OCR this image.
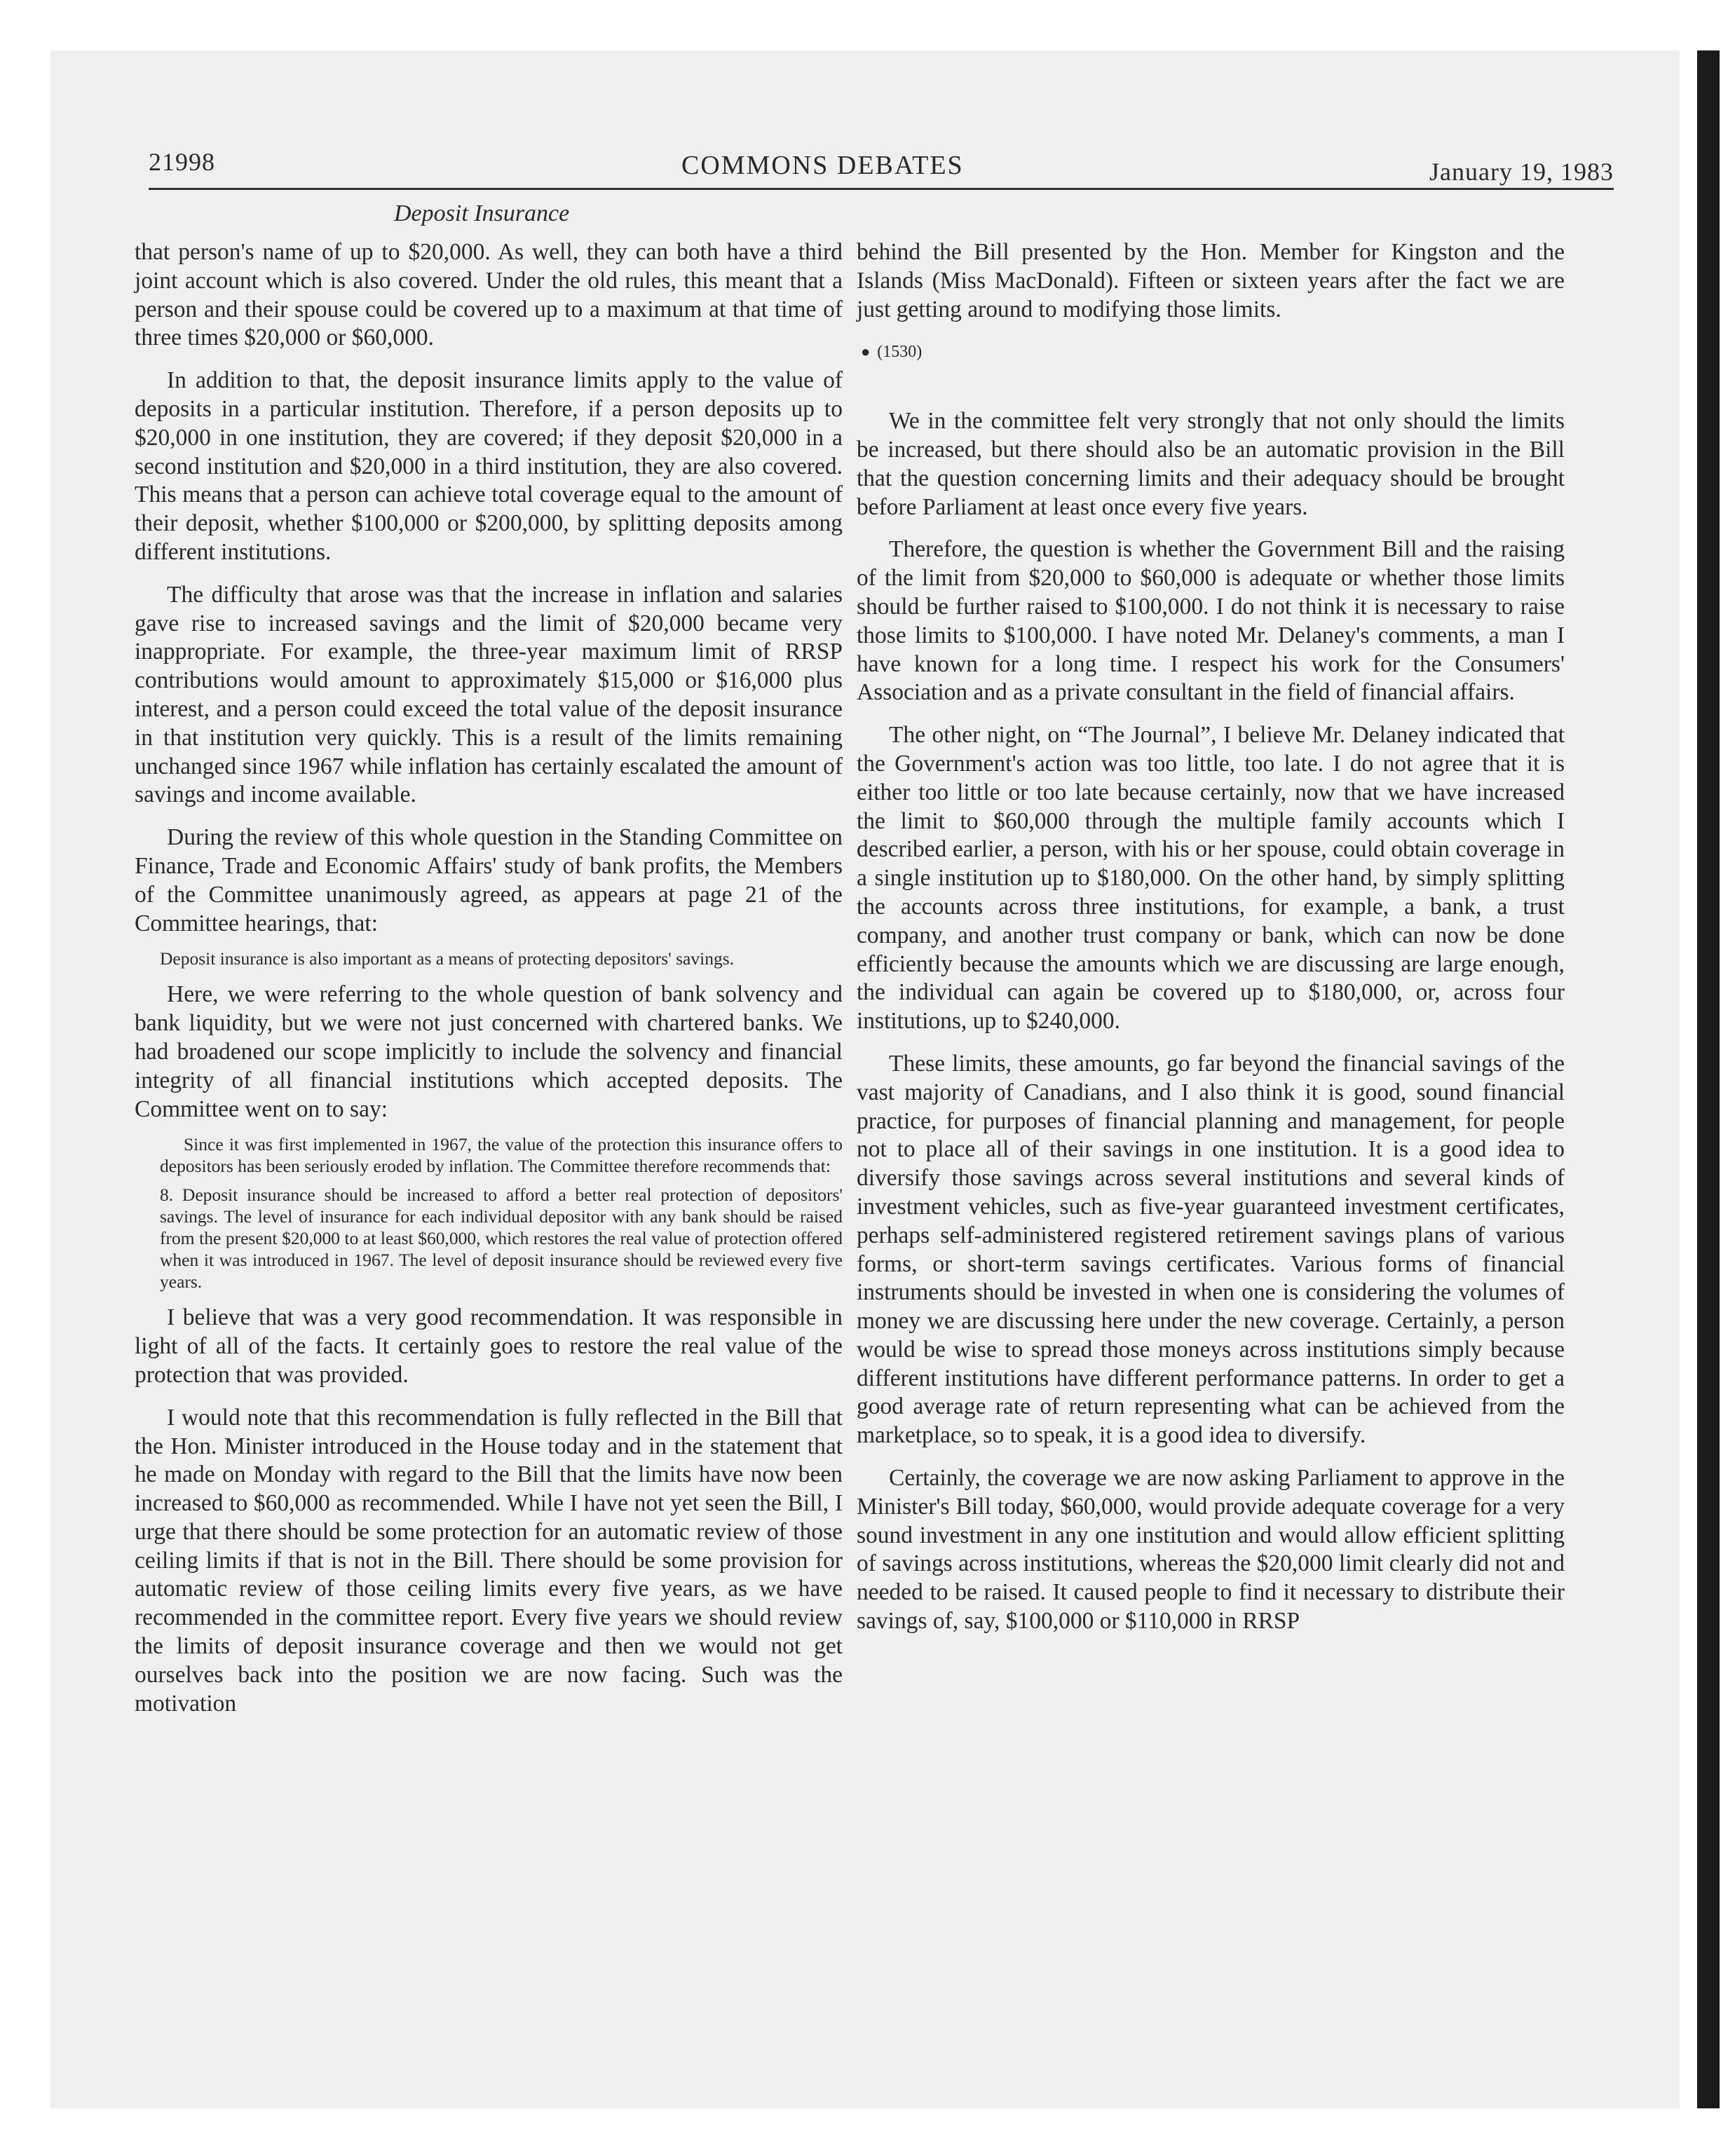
21998	COMMONS DEBATES	January 19, 1983
Deposit Insurance

that person's name of up to $20,000. As well, they can both have a third joint account which is also covered. Under the old rules, this meant that a person and their spouse could be covered up to a maximum at that time of three times $20,000 or $60,000.

In addition to that, the deposit insurance limits apply to the value of deposits in a particular institution. Therefore, if a person deposits up to $20,000 in one institution, they are covered; if they deposit $20,000 in a second institution and $20,000 in a third institution, they are also covered. This means that a person can achieve total coverage equal to the amount of their deposit, whether $100,000 or $200,000, by splitting deposits among different institutions.

The difficulty that arose was that the increase in inflation and salaries gave rise to increased savings and the limit of $20,000 became very inappropriate. For example, the three-year maximum limit of RRSP contributions would amount to approximately $15,000 or $16,000 plus interest, and a person could exceed the total value of the deposit insurance in that institution very quickly. This is a result of the limits remaining unchanged since 1967 while inflation has certainly escalated the amount of savings and income available.

During the review of this whole question in the Standing Committee on Finance, Trade and Economic Affairs' study of bank profits, the Members of the Committee unanimously agreed, as appears at page 21 of the Committee hearings, that:

Deposit insurance is also important as a means of protecting depositors' savings.

Here, we were referring to the whole question of bank solvency and bank liquidity, but we were not just concerned with chartered banks. We had broadened our scope implicitly to include the solvency and financial integrity of all financial institutions which accepted deposits. The Committee went on to say:

Since it was first implemented in 1967, the value of the protection this insurance offers to depositors has been seriously eroded by inflation. The Committee therefore recommends that:

8. Deposit insurance should be increased to afford a better real protection of depositors' savings. The level of insurance for each individual depositor with any bank should be raised from the present $20,000 to at least $60,000, which restores the real value of protection offered when it was introduced in 1967. The level of deposit insurance should be reviewed every five years.

I believe that was a very good recommendation. It was responsible in light of all of the facts. It certainly goes to restore the real value of the protection that was provided.

I would note that this recommendation is fully reflected in the Bill that the Hon. Minister introduced in the House today and in the statement that he made on Monday with regard to the Bill that the limits have now been increased to $60,000 as recommended. While I have not yet seen the Bill, I urge that there should be some protection for an automatic review of those ceiling limits if that is not in the Bill. There should be some provision for automatic review of those ceiling limits every five years, as we have recommended in the committee report. Every five years we should review the limits of deposit insurance coverage and then we would not get ourselves back into the position we are now facing. Such was the motivation

behind the Bill presented by the Hon. Member for Kingston and the Islands (Miss MacDonald). Fifteen or sixteen years after the fact we are just getting around to modifying those limits.

● (1530)

We in the committee felt very strongly that not only should the limits be increased, but there should also be an automatic provision in the Bill that the question concerning limits and their adequacy should be brought before Parliament at least once every five years.

Therefore, the question is whether the Government Bill and the raising of the limit from $20,000 to $60,000 is adequate or whether those limits should be further raised to $100,000. I do not think it is necessary to raise those limits to $100,000. I have noted Mr. Delaney's comments, a man I have known for a long time. I respect his work for the Consumers' Association and as a private consultant in the field of financial affairs.

The other night, on “The Journal”, I believe Mr. Delaney indicated that the Government's action was too little, too late. I do not agree that it is either too little or too late because certainly, now that we have increased the limit to $60,000 through the multiple family accounts which I described earlier, a person, with his or her spouse, could obtain coverage in a single institution up to $180,000. On the other hand, by simply splitting the accounts across three institutions, for example, a bank, a trust company, and another trust company or bank, which can now be done efficiently because the amounts which we are discussing are large enough, the individual can again be covered up to $180,000, or, across four institutions, up to $240,000.

These limits, these amounts, go far beyond the financial savings of the vast majority of Canadians, and I also think it is good, sound financial practice, for purposes of financial planning and management, for people not to place all of their savings in one institution. It is a good idea to diversify those savings across several institutions and several kinds of investment vehicles, such as five-year guaranteed investment certificates, perhaps self-administered registered retirement savings plans of various forms, or short-term savings certificates. Various forms of financial instruments should be invested in when one is considering the volumes of money we are discussing here under the new coverage. Certainly, a person would be wise to spread those moneys across institutions simply because different institutions have different performance patterns. In order to get a good average rate of return representing what can be achieved from the marketplace, so to speak, it is a good idea to diversify.

Certainly, the coverage we are now asking Parliament to approve in the Minister's Bill today, $60,000, would provide adequate coverage for a very sound investment in any one institution and would allow efficient splitting of savings across institutions, whereas the $20,000 limit clearly did not and needed to be raised. It caused people to find it necessary to distribute their savings of, say, $100,000 or $110,000 in RRSP
